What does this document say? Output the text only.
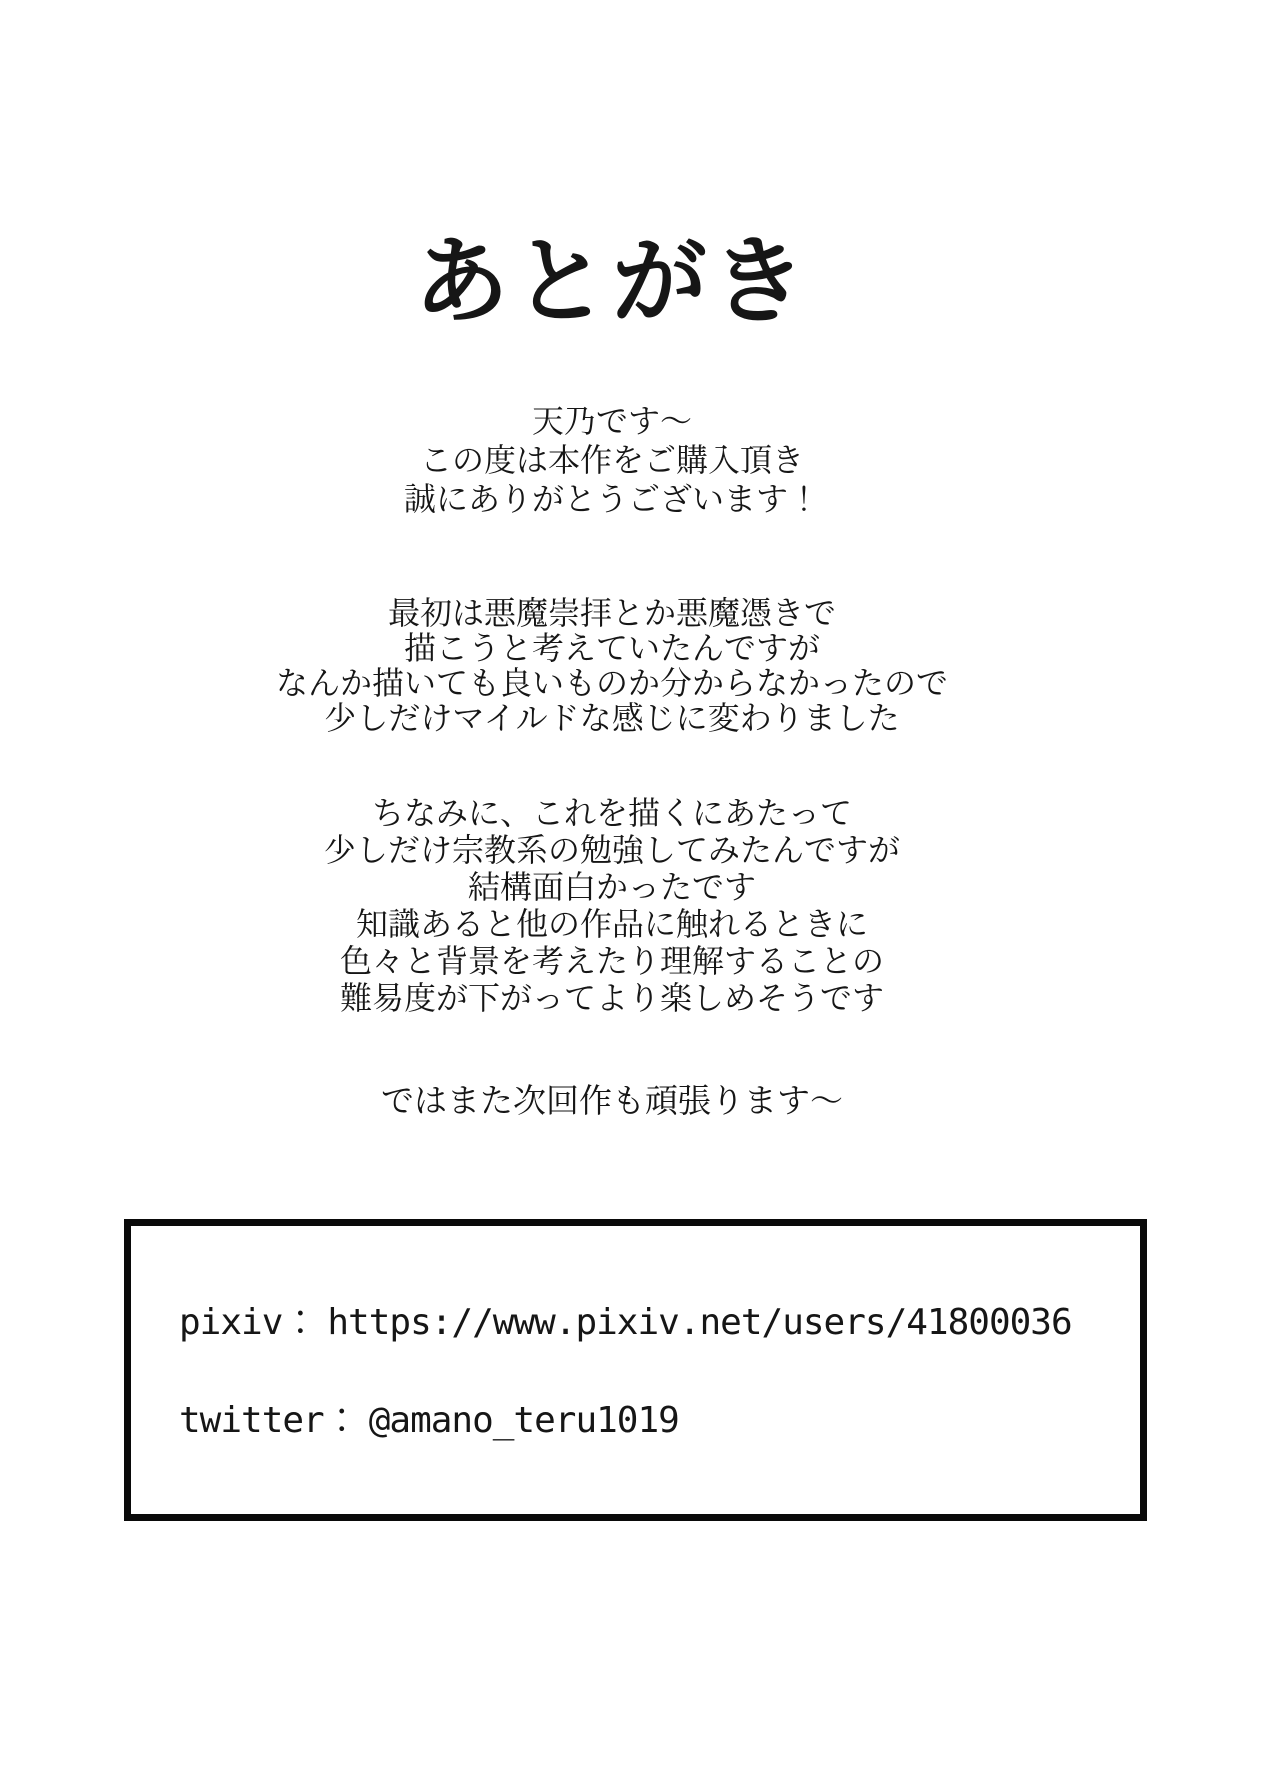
あとがき
天乃です～
この度は本作をご購入頂き
誠にありがとうございます！
最初は悪魔崇拝とか悪魔憑きで
描こうと考えていたんですが
なんか描いても良いものか分からなかったので
少しだけマイルドな感じに変わりました
ちなみに、これを描くにあたって
少しだけ宗教系の勉強してみたんですが
結構面白かったです
知識あると他の作品に触れるときに
色々と背景を考えたり理解することの
難易度が下がってより楽しめそうです
ではまた次回作も頑張ります～
pixiv： https://www.pixiv.net/users/41800036
twitter： @amano_teru1019
